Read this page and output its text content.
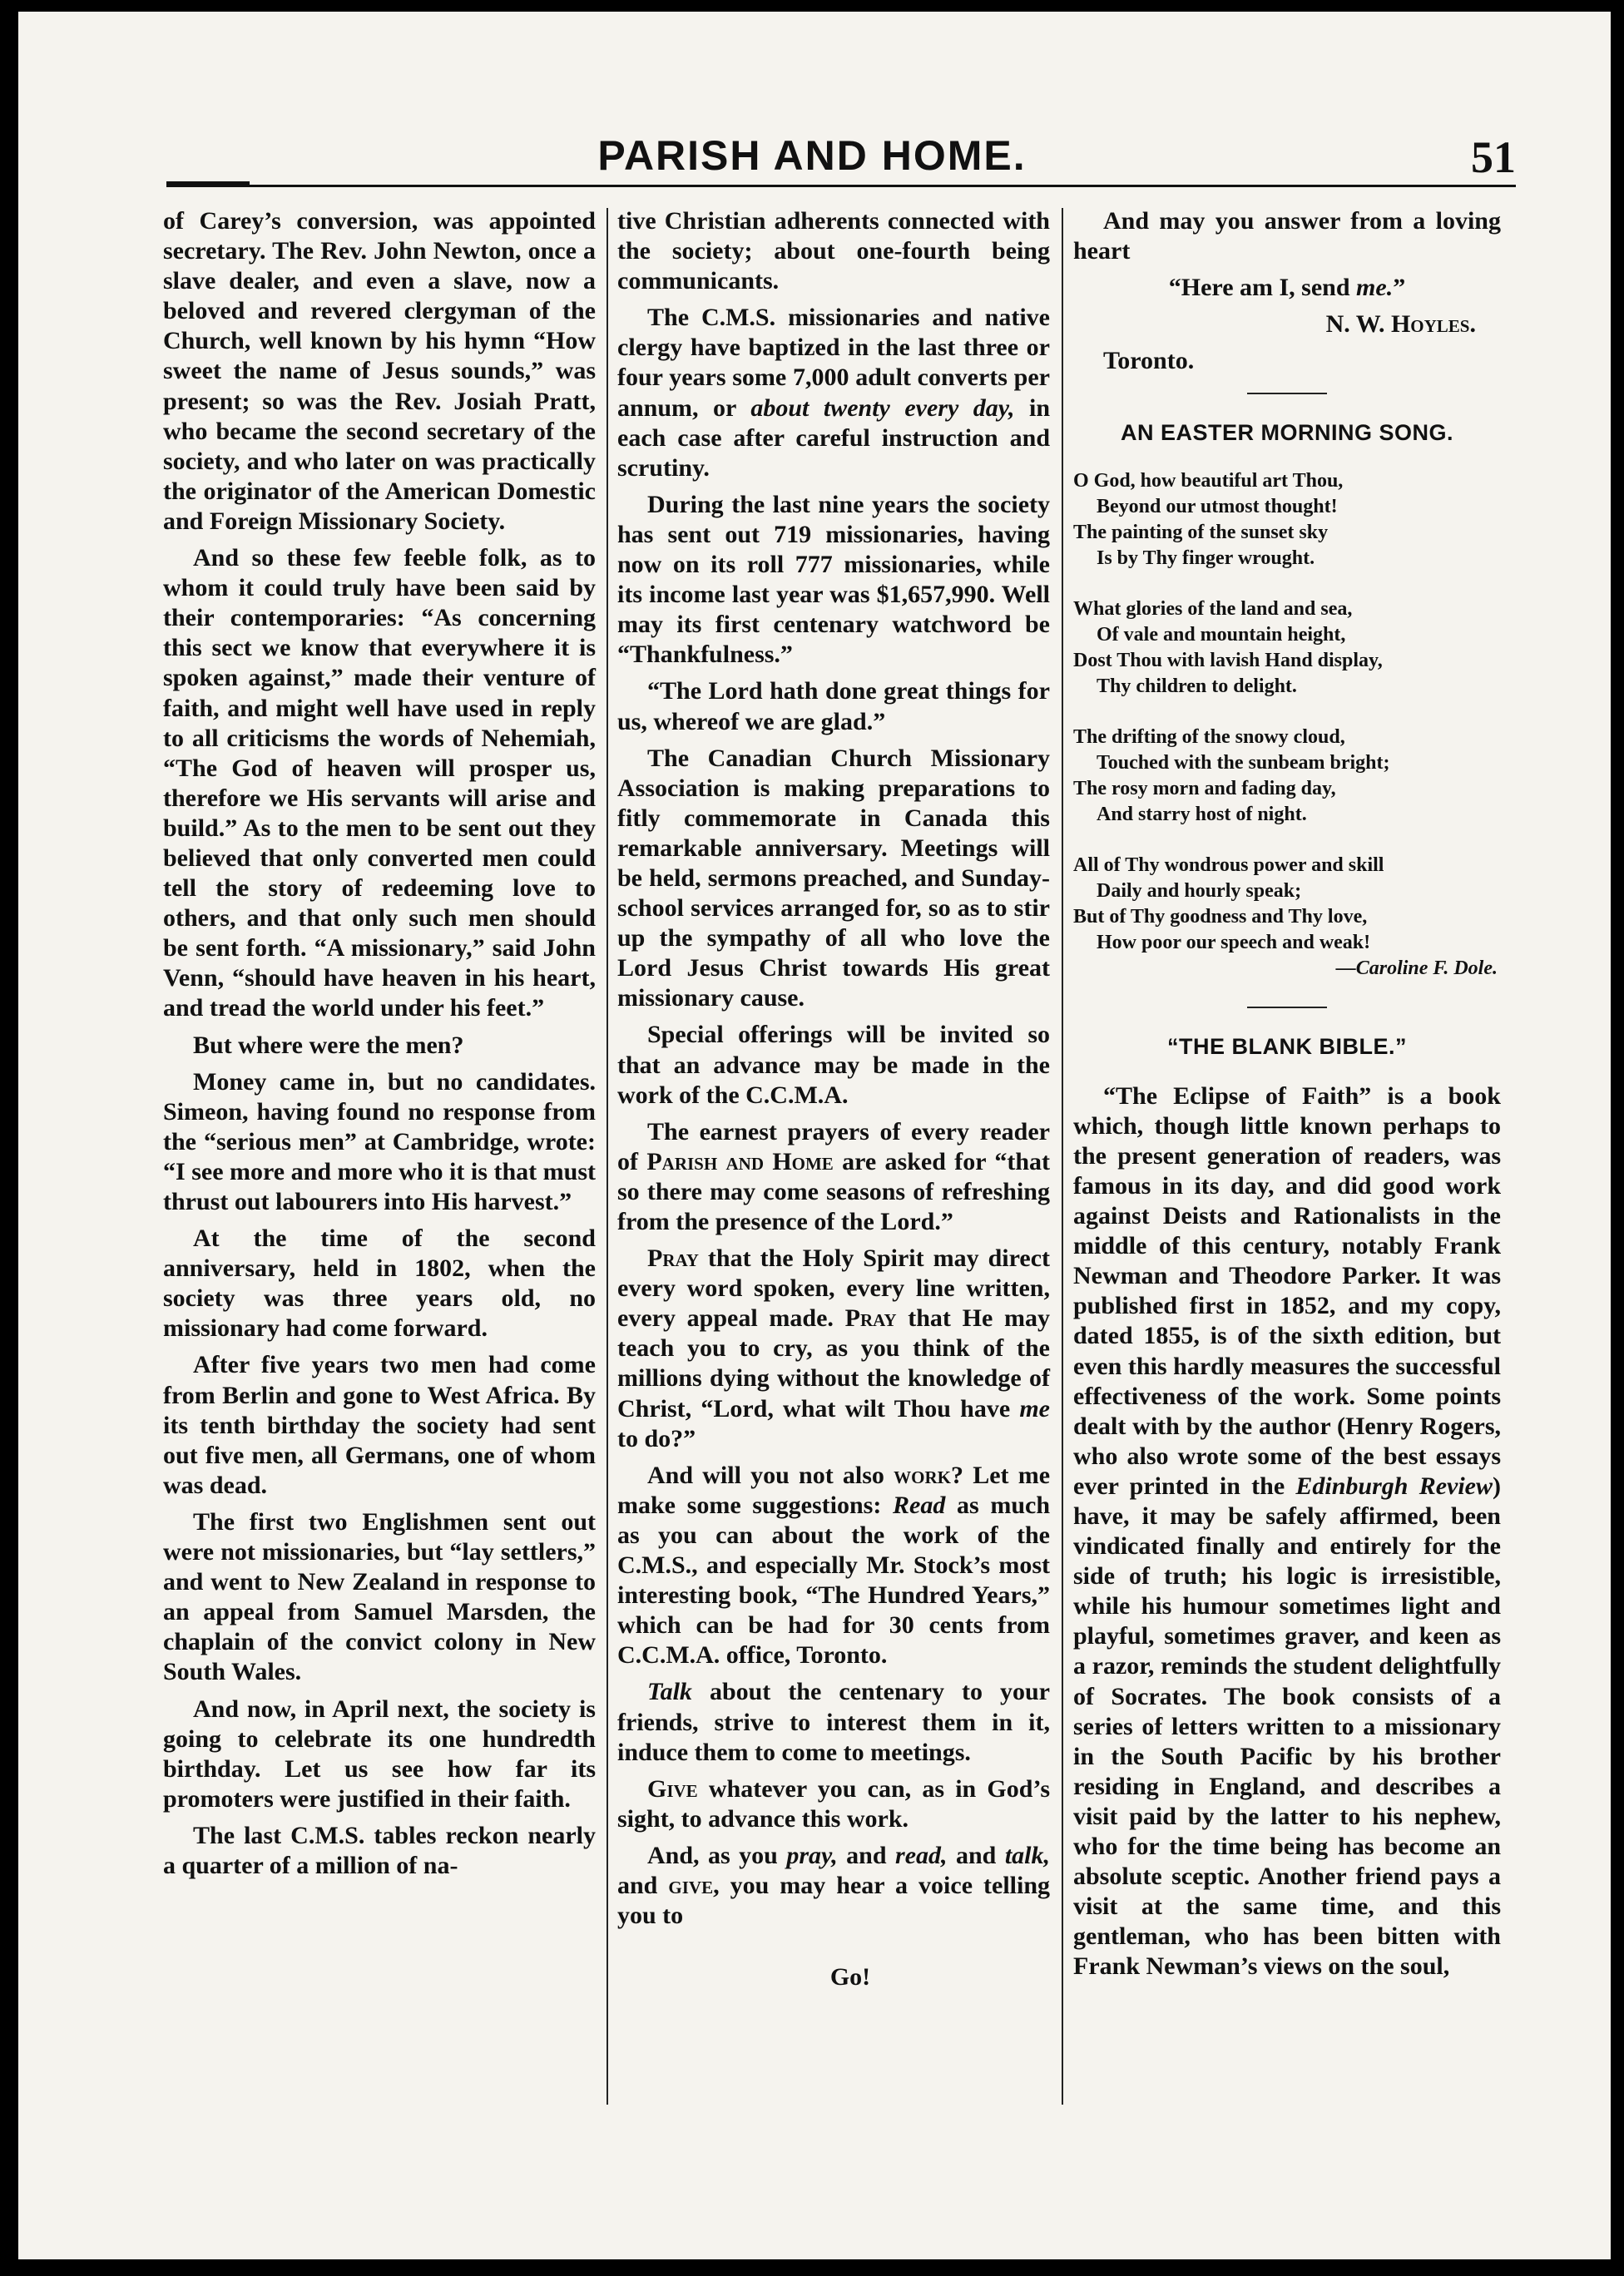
PARISH AND HOME.	51

of Carey’s conversion, was appointed secretary. The Rev. John Newton, once a slave dealer, and even a slave, now a beloved and revered clergyman of the Church, well known by his hymn “How sweet the name of Jesus sounds,” was present; so was the Rev. Josiah Pratt, who became the second secretary of the society, and who later on was practically the originator of the American Domestic and Foreign Missionary Society.

And so these few feeble folk, as to whom it could truly have been said by their contemporaries: “As concerning this sect we know that everywhere it is spoken against,” made their venture of faith, and might well have used in reply to all criticisms the words of Nehemiah, “The God of heaven will prosper us, therefore we His servants will arise and build.” As to the men to be sent out they believed that only converted men could tell the story of redeeming love to others, and that only such men should be sent forth. “A missionary,” said John Venn, “should have heaven in his heart, and tread the world under his feet.”

But where were the men?

Money came in, but no candidates. Simeon, having found no response from the “serious men” at Cambridge, wrote: “I see more and more who it is that must thrust out labourers into His harvest.”

At the time of the second anniversary, held in 1802, when the society was three years old, no missionary had come forward.

After five years two men had come from Berlin and gone to West Africa. By its tenth birthday the society had sent out five men, all Germans, one of whom was dead.

The first two Englishmen sent out were not missionaries, but “lay settlers,” and went to New Zealand in response to an appeal from Samuel Marsden, the chaplain of the convict colony in New South Wales.

And now, in April next, the society is going to celebrate its one hundredth birthday. Let us see how far its promoters were justified in their faith.

The last C.M.S. tables reckon nearly a quarter of a million of na-

tive Christian adherents connected with the society; about one-fourth being communicants.

The C.M.S. missionaries and native clergy have baptized in the last three or four years some 7,000 adult converts per annum, or about twenty every day, in each case after careful instruction and scrutiny.

During the last nine years the society has sent out 719 missionaries, having now on its roll 777 missionaries, while its income last year was $1,657,990. Well may its first centenary watchword be “Thankfulness.”

“The Lord hath done great things for us, whereof we are glad.”

The Canadian Church Missionary Association is making preparations to fitly commemorate in Canada this remarkable anniversary. Meetings will be held, sermons preached, and Sunday-school services arranged for, so as to stir up the sympathy of all who love the Lord Jesus Christ towards His great missionary cause.

Special offerings will be invited so that an advance may be made in the work of the C.C.M.A.

The earnest prayers of every reader of Parish and Home are asked for “that so there may come seasons of refreshing from the presence of the Lord.”

Pray that the Holy Spirit may direct every word spoken, every line written, every appeal made. Pray that He may teach you to cry, as you think of the millions dying without the knowledge of Christ, “Lord, what wilt Thou have me to do?”

And will you not also work? Let me make some suggestions: Read as much as you can about the work of the C.M.S., and especially Mr. Stock’s most interesting book, “The Hundred Years,” which can be had for 30 cents from C.C.M.A. office, Toronto.

Talk about the centenary to your friends, strive to interest them in it, induce them to come to meetings.

Give whatever you can, as in God’s sight, to advance this work.

And, as you pray, and read, and talk, and give, you may hear a voice telling you to

Go!

And may you answer from a loving heart

“Here am I, send me.”

N. W. Hoyles.

Toronto.

AN EASTER MORNING SONG.
O God, how beautiful art Thou,
Beyond our utmost thought!
The painting of the sunset sky
Is by Thy finger wrought.
What glories of the land and sea,
Of vale and mountain height,
Dost Thou with lavish Hand display,
Thy children to delight.
The drifting of the snowy cloud,
Touched with the sunbeam bright;
The rosy morn and fading day,
And starry host of night.
All of Thy wondrous power and skill
Daily and hourly speak;
But of Thy goodness and Thy love,
How poor our speech and weak!
—Caroline F. Dole.
“THE BLANK BIBLE.”

“The Eclipse of Faith” is a book which, though little known perhaps to the present generation of readers, was famous in its day, and did good work against Deists and Rationalists in the middle of this century, notably Frank Newman and Theodore Parker. It was published first in 1852, and my copy, dated 1855, is of the sixth edition, but even this hardly measures the successful effectiveness of the work. Some points dealt with by the author (Henry Rogers, who also wrote some of the best essays ever printed in the Edinburgh Review) have, it may be safely affirmed, been vindicated finally and entirely for the side of truth; his logic is irresistible, while his humour sometimes light and playful, sometimes graver, and keen as a razor, reminds the student delightfully of Socrates. The book consists of a series of letters written to a missionary in the South Pacific by his brother residing in England, and describes a visit paid by the latter to his nephew, who for the time being has become an absolute sceptic. Another friend pays a visit at the same time, and this gentleman, who has been bitten with Frank Newman’s views on the soul,
